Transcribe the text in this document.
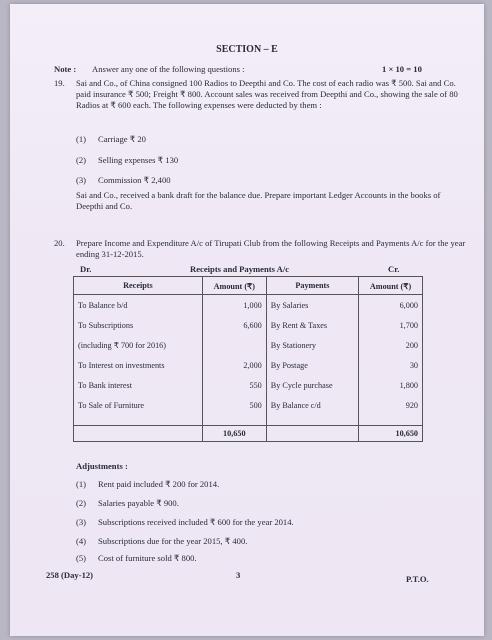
SECTION – E
Note : Answer any one of the following questions :	1 × 10 = 10
19. Sai and Co., of China consigned 100 Radios to Deepthi and Co. The cost of each radio was ₹ 500. Sai and Co. paid insurance ₹ 500; Freight ₹ 800. Account sales was received from Deepthi and Co., showing the sale of 80 Radios at ₹ 600 each. The following expenses were deducted by them :
(1) Carriage ₹ 20
(2) Selling expenses ₹ 130
(3) Commission ₹ 2,400
Sai and Co., received a bank draft for the balance due. Prepare important Ledger Accounts in the books of Deepthi and Co.
20. Prepare Income and Expenditure A/c of Tirupati Club from the following Receipts and Payments A/c for the year ending 31-12-2015.
Dr.	Receipts and Payments A/c	Cr.
Receipts	Amount (₹)	Payments	Amount (₹)
To Balance b/d	1,000	By Salaries	6,000
To Subscriptions	6,600	By Rent & Taxes	1,700
(including ₹ 700 for 2016)		By Stationery	200
To Interest on investments	2,000	By Postage	30
To Bank interest	550	By Cycle purchase	1,800
To Sale of Furniture	500	By Balance c/d	920

	10,650		10,650
Adjustments :
(1) Rent paid included ₹ 200 for 2014.
(2) Salaries payable ₹ 900.
(3) Subscriptions received included ₹ 600 for the year 2014.
(4) Subscriptions due for the year 2015, ₹ 400.
(5) Cost of furniture sold ₹ 800.
258 (Day-12)	3	P.T.O.
